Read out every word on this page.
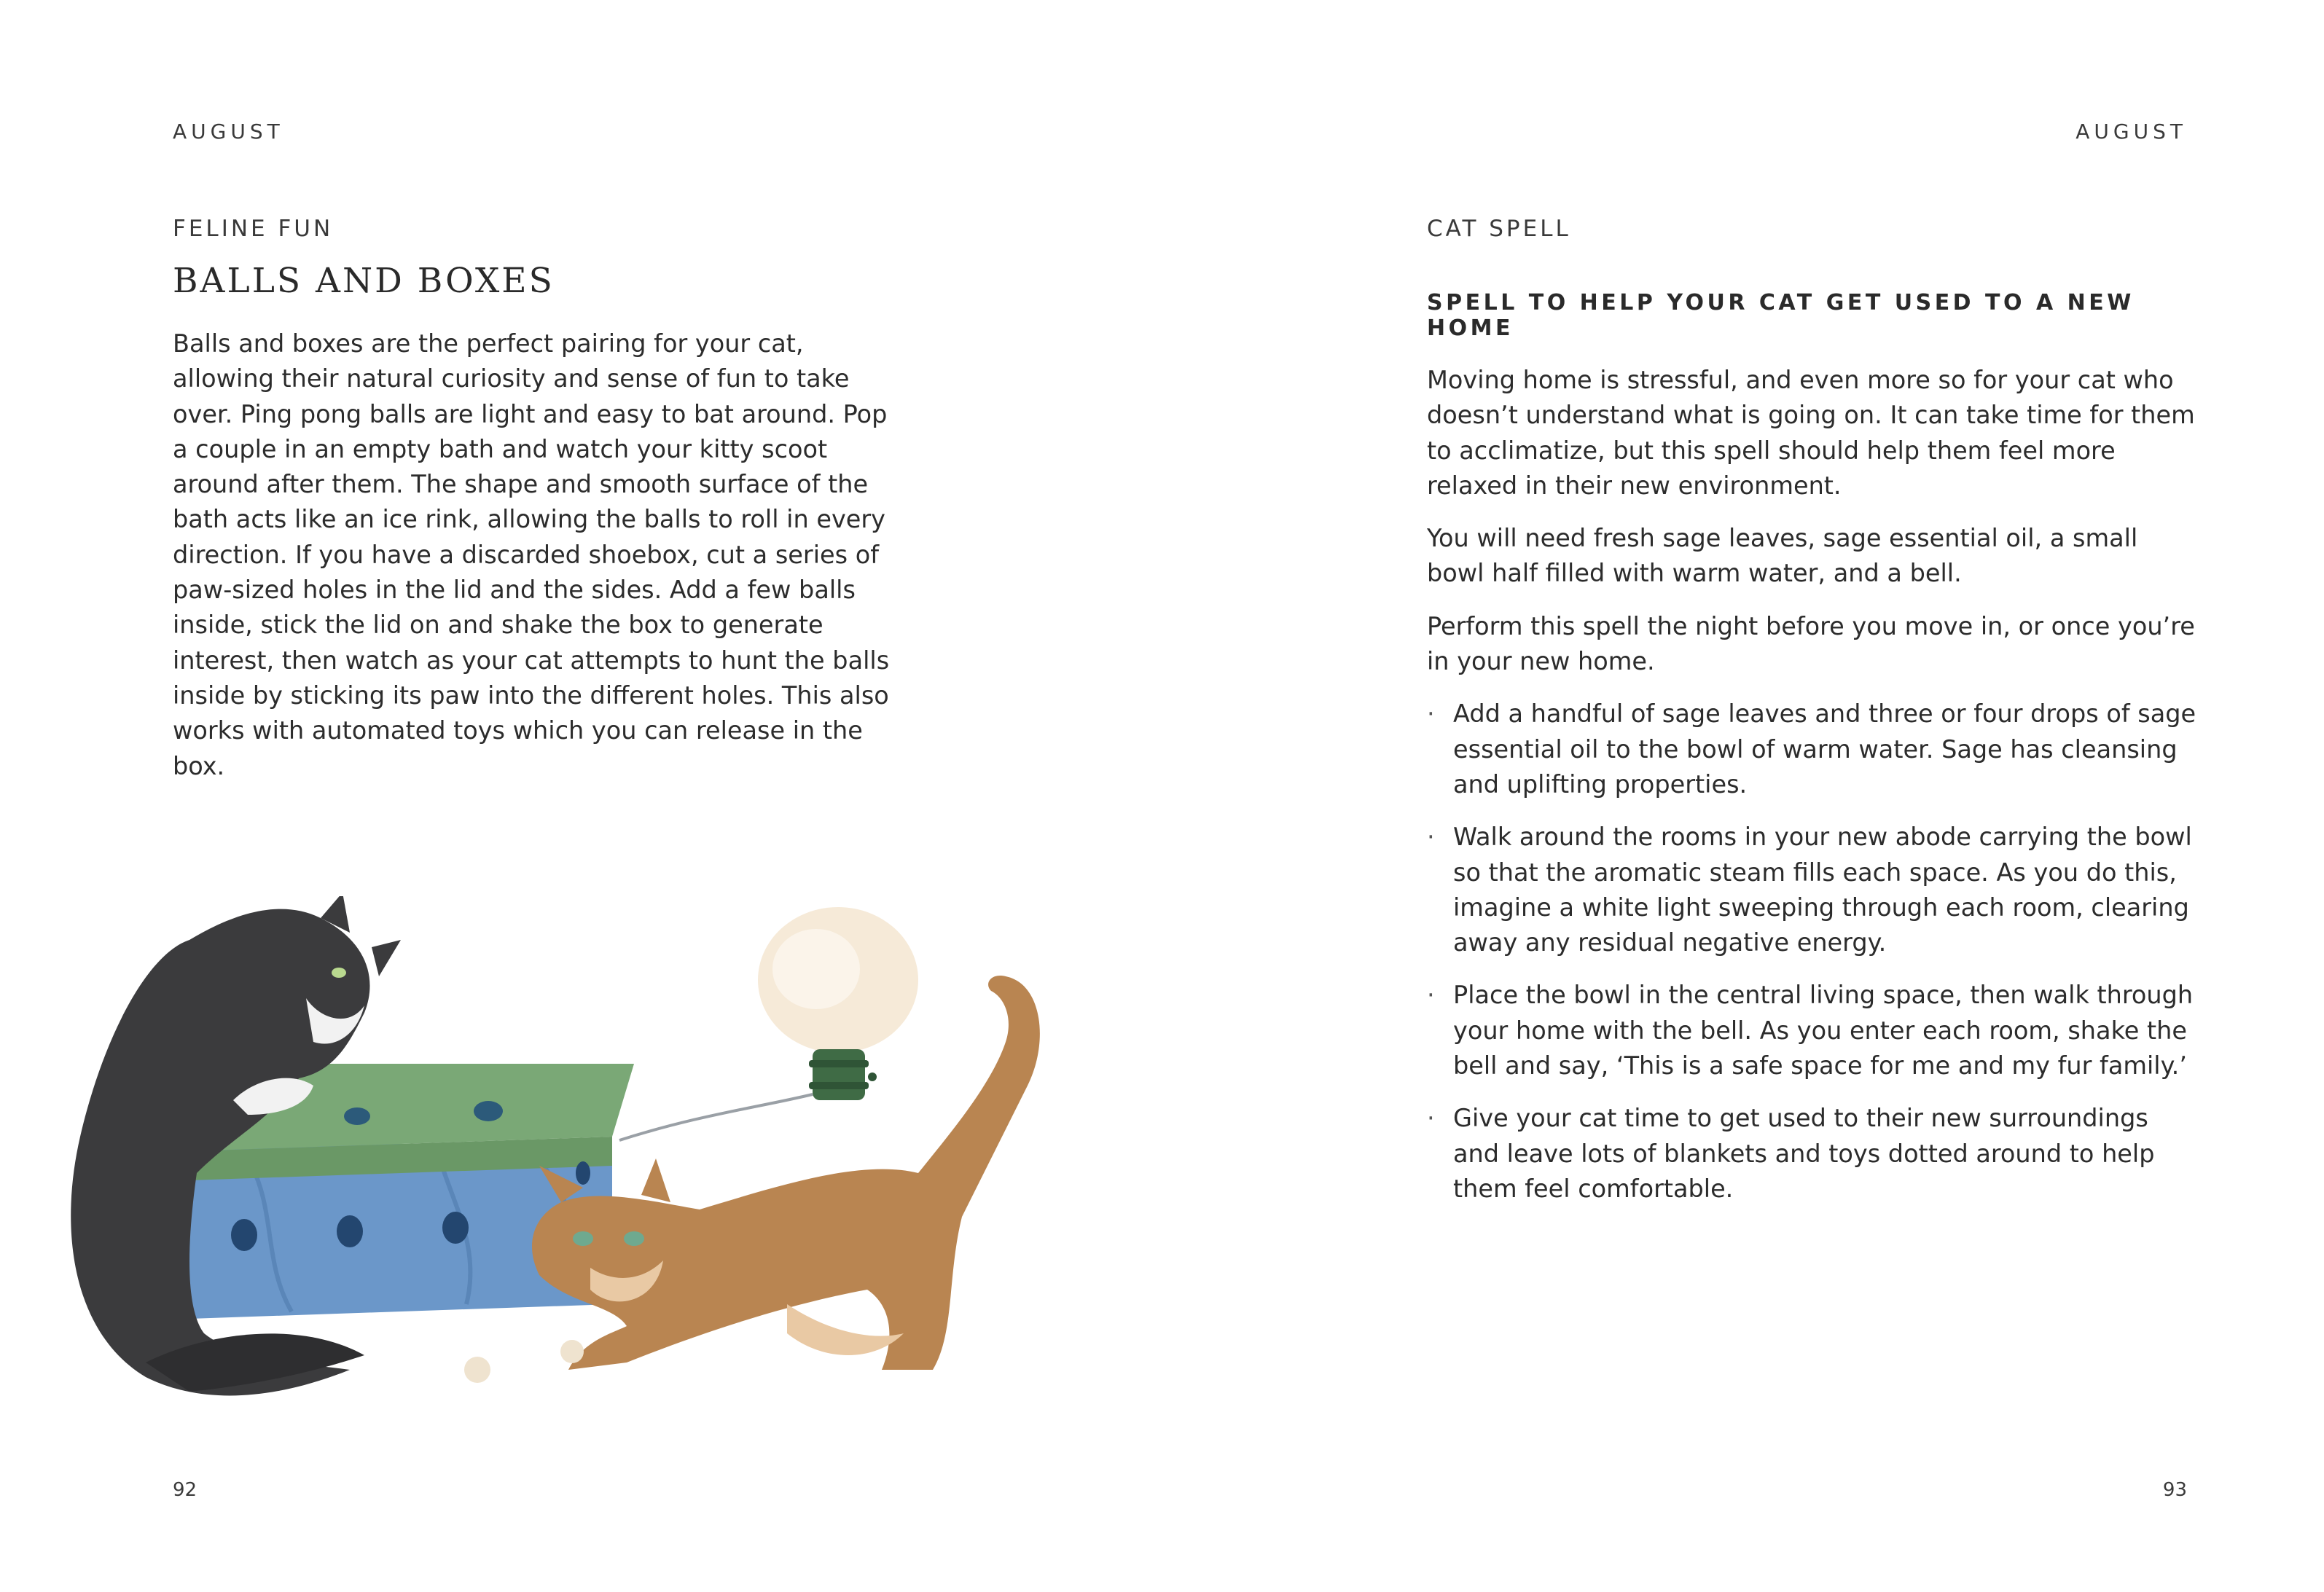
AUGUST
FELINE FUN
BALLS AND BOXES

Balls and boxes are the perfect pairing for your cat, allowing their natural curiosity and sense of fun to take over. Ping pong balls are light and easy to bat around. Pop a couple in an empty bath and watch your kitty scoot around after them. The shape and smooth surface of the bath acts like an ice rink, allowing the balls to roll in every direction. If you have a discarded shoebox, cut a series of paw-sized holes in the lid and the sides. Add a few balls inside, stick the lid on and shake the box to generate interest, then watch as your cat attempts to hunt the balls inside by sticking its paw into the different holes. This also works with automated toys which you can release in the box.

92
AUGUST
CAT SPELL
SPELL TO HELP YOUR CAT GET USED TO A NEW HOME

Moving home is stressful, and even more so for your cat who doesn’t understand what is going on. It can take time for them to acclimatize, but this spell should help them feel more relaxed in their new environment.

You will need fresh sage leaves, sage essential oil, a small bowl half filled with warm water, and a bell.

Perform this spell the night before you move in, or once you’re in your new home.

· Add a handful of sage leaves and three or four drops of sage essential oil to the bowl of warm water. Sage has cleansing and uplifting properties.
· Walk around the rooms in your new abode carrying the bowl so that the aromatic steam fills each space. As you do this, imagine a white light sweeping through each room, clearing away any residual negative energy.
· Place the bowl in the central living space, then walk through your home with the bell. As you enter each room, shake the bell and say, ‘This is a safe space for me and my fur family.’
· Give your cat time to get used to their new surroundings and leave lots of blankets and toys dotted around to help them feel comfortable.
93
